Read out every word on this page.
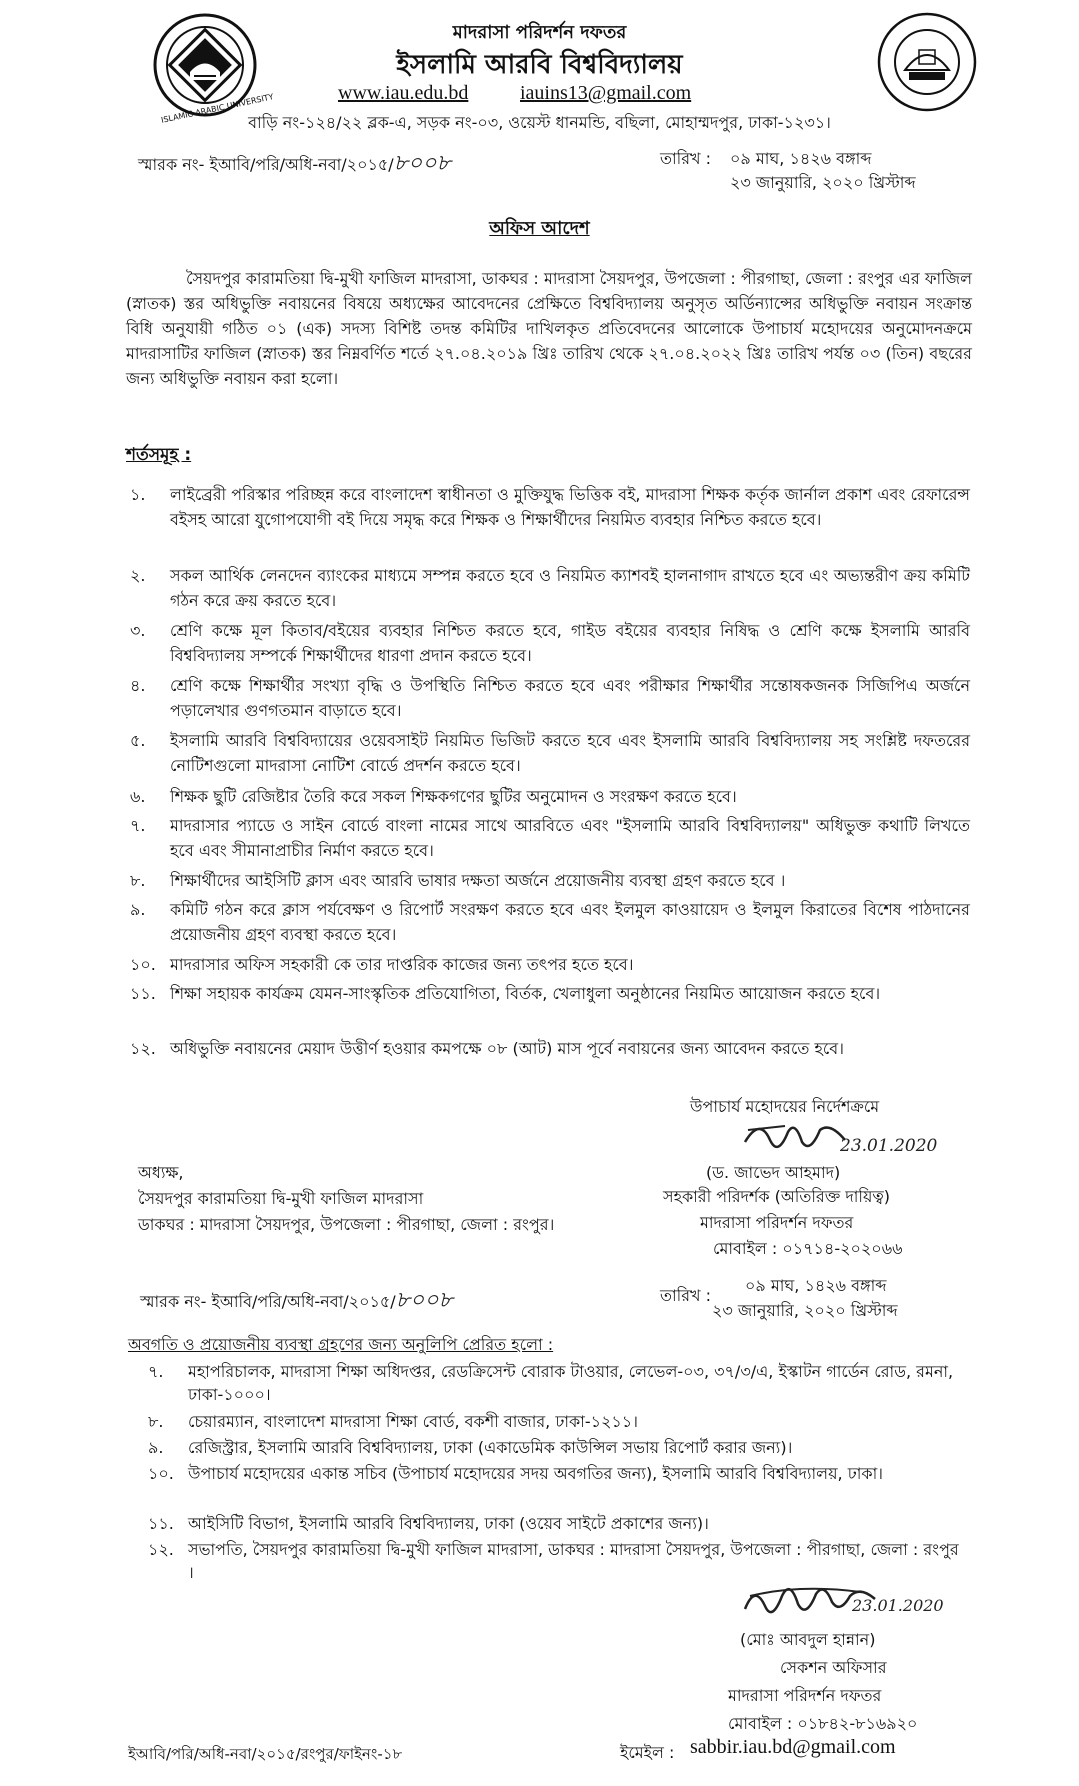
ISLAMIC ARABIC UNIVERSITY
মাদরাসা পরিদর্শন দফতর
ইসলামি আরবি বিশ্ববিদ্যালয়
www.iau.edu.bd	iauins13@gmail.com
বাড়ি নং-১২৪/২২ ব্লক-এ, সড়ক নং-০৩, ওয়েস্ট ধানমন্ডি, বছিলা, মোহাম্মদপুর, ঢাকা-১২৩১।
স্মারক নং- ইআবি/পরি/অধি-নবা/২০১৫/৮০০৮	তারিখ : ০৯ মাঘ, ১৪২৬ বঙ্গাব্দ
২৩ জানুয়ারি, ২০২০ খ্রিস্টাব্দ
অফিস আদেশ
সৈয়দপুর কারামতিয়া দ্বি-মুখী ফাজিল মাদরাসা, ডাকঘর : মাদরাসা সৈয়দপুর, উপজেলা : পীরগাছা, জেলা : রংপুর এর ফাজিল (স্নাতক) স্তর অধিভুক্তি নবায়নের বিষয়ে অধ্যক্ষের আবেদনের প্রেক্ষিতে বিশ্ববিদ্যালয় অনুসৃত অর্ডিন্যান্সের অধিভুক্তি নবায়ন সংক্রান্ত বিধি অনুযায়ী গঠিত ০১ (এক) সদস্য বিশিষ্ট তদন্ত কমিটির দাখিলকৃত প্রতিবেদনের আলোকে উপাচার্য মহোদয়ের অনুমোদনক্রমে মাদরাসাটির ফাজিল (স্নাতক) স্তর নিম্নবর্ণিত শর্তে ২৭.০৪.২০১৯ খ্রিঃ তারিখ থেকে ২৭.০৪.২০২২ খ্রিঃ তারিখ পর্যন্ত ০৩ (তিন) বছরের জন্য অধিভুক্তি নবায়ন করা হলো।
শর্তসমূহ :
১. লাইব্রেরী পরিস্কার পরিচ্ছন্ন করে বাংলাদেশ স্বাধীনতা ও মুক্তিযুদ্ধ ভিত্তিক বই, মাদরাসা শিক্ষক কর্তৃক জার্নাল প্রকাশ এবং রেফারেন্স বইসহ আরো যুগোপযোগী বই দিয়ে সমৃদ্ধ করে শিক্ষক ও শিক্ষার্থীদের নিয়মিত ব্যবহার নিশ্চিত করতে হবে।
২. সকল আর্থিক লেনদেন ব্যাংকের মাধ্যমে সম্পন্ন করতে হবে ও নিয়মিত ক্যাশবই হালনাগাদ রাখতে হবে এং অভ্যন্তরীণ ক্রয় কমিটি গঠন করে ক্রয় করতে হবে।
৩. শ্রেণি কক্ষে মূল কিতাব/বইয়ের ব্যবহার নিশ্চিত করতে হবে, গাইড বইয়ের ব্যবহার নিষিদ্ধ ও শ্রেণি কক্ষে ইসলামি আরবি বিশ্ববিদ্যালয় সম্পর্কে শিক্ষার্থীদের ধারণা প্রদান করতে হবে।
৪. শ্রেণি কক্ষে শিক্ষার্থীর সংখ্যা বৃদ্ধি ও উপস্থিতি নিশ্চিত করতে হবে এবং পরীক্ষার শিক্ষার্থীর সন্তোষকজনক সিজিপিএ অর্জনে পড়ালেখার গুণগতমান বাড়াতে হবে।
৫. ইসলামি আরবি বিশ্ববিদ্যায়ের ওয়েবসাইট নিয়মিত ভিজিট করতে হবে এবং ইসলামি আরবি বিশ্ববিদ্যালয় সহ সংশ্লিষ্ট দফতরের নোটিশগুলো মাদরাসা নোটিশ বোর্ডে প্রদর্শন করতে হবে।
৬. শিক্ষক ছুটি রেজিষ্টার তৈরি করে সকল শিক্ষকগণের ছুটির অনুমোদন ও সংরক্ষণ করতে হবে।
৭. মাদরাসার প্যাডে ও সাইন বোর্ডে বাংলা নামের সাথে আরবিতে এবং "ইসলামি আরবি বিশ্ববিদ্যালয়" অধিভুক্ত কথাটি লিখতে হবে এবং সীমানাপ্রাচীর নির্মাণ করতে হবে।
৮. শিক্ষার্থীদের আইসিটি ক্লাস এবং আরবি ভাষার দক্ষতা অর্জনে প্রয়োজনীয় ব্যবস্থা গ্রহণ করতে হবে ।
৯. কমিটি গঠন করে ক্লাস পর্যবেক্ষণ ও রিপোর্ট সংরক্ষণ করতে হবে এবং ইলমুল কাওয়ায়েদ ও ইলমুল কিরাতের বিশেষ পাঠদানের প্রয়োজনীয় গ্রহণ ব্যবস্থা করতে হবে।
১০. মাদরাসার অফিস সহকারী কে তার দাপ্তরিক কাজের জন্য তৎপর হতে হবে।
১১. শিক্ষা সহায়ক কার্যক্রম যেমন-সাংস্কৃতিক প্রতিযোগিতা, বির্তক, খেলাধুলা অনুষ্ঠানের নিয়মিত আয়োজন করতে হবে।
১২. অধিভুক্তি নবায়নের মেয়াদ উত্তীর্ণ হওয়ার কমপক্ষে ০৮ (আট) মাস পূর্বে নবায়নের জন্য আবেদন করতে হবে।
উপাচার্য মহোদয়ের নির্দেশক্রমে
23.01.2020
(ড. জাভেদ আহমাদ)
সহকারী পরিদর্শক (অতিরিক্ত দায়িত্ব)
মাদরাসা পরিদর্শন দফতর
মোবাইল : ০১৭১৪-২০২০৬৬
অধ্যক্ষ,
সৈয়দপুর কারামতিয়া দ্বি-মুখী ফাজিল মাদরাসা
ডাকঘর : মাদরাসা সৈয়দপুর, উপজেলা : পীরগাছা, জেলা : রংপুর।
স্মারক নং- ইআবি/পরি/অধি-নবা/২০১৫/৮০০৮	তারিখ :
০৯ মাঘ, ১৪২৬ বঙ্গাব্দ
২৩ জানুয়ারি, ২০২০ খ্রিস্টাব্দ
অবগতি ও প্রয়োজনীয় ব্যবস্থা গ্রহণের জন্য অনুলিপি প্রেরিত হলো :
৭. মহাপরিচালক, মাদরাসা শিক্ষা অধিদপ্তর, রেডক্রিসেন্ট বোরাক টাওয়ার, লেভেল-০৩, ৩৭/৩/এ, ইস্কাটন গার্ডেন রোড, রমনা, ঢাকা-১০০০।
৮. চেয়ারম্যান, বাংলাদেশ মাদরাসা শিক্ষা বোর্ড, বকশী বাজার, ঢাকা-১২১১।
৯. রেজিস্ট্রার, ইসলামি আরবি বিশ্ববিদ্যালয়, ঢাকা (একাডেমিক কাউন্সিল সভায় রিপোর্ট করার জন্য)।
১০. উপাচার্য মহোদয়ের একান্ত সচিব (উপাচার্য মহোদয়ের সদয় অবগতির জন্য), ইসলামি আরবি বিশ্ববিদ্যালয়, ঢাকা।
১১. আইসিটি বিভাগ, ইসলামি আরবি বিশ্ববিদ্যালয়, ঢাকা (ওয়েব সাইটে প্রকাশের জন্য)।
১২. সভাপতি, সৈয়দপুর কারামতিয়া দ্বি-মুখী ফাজিল মাদরাসা, ডাকঘর : মাদরাসা সৈয়দপুর, উপজেলা : পীরগাছা, জেলা : রংপুর ।
23.01.2020
(মোঃ আবদুল হান্নান)
সেকশন অফিসার
মাদরাসা পরিদর্শন দফতর
মোবাইল : ০১৮৪২-৮১৬৯২০
ইমেইল : sabbir.iau.bd@gmail.com
ইআবি/পরি/অধি-নবা/২০১৫/রংপুর/ফাইনং-১৮
